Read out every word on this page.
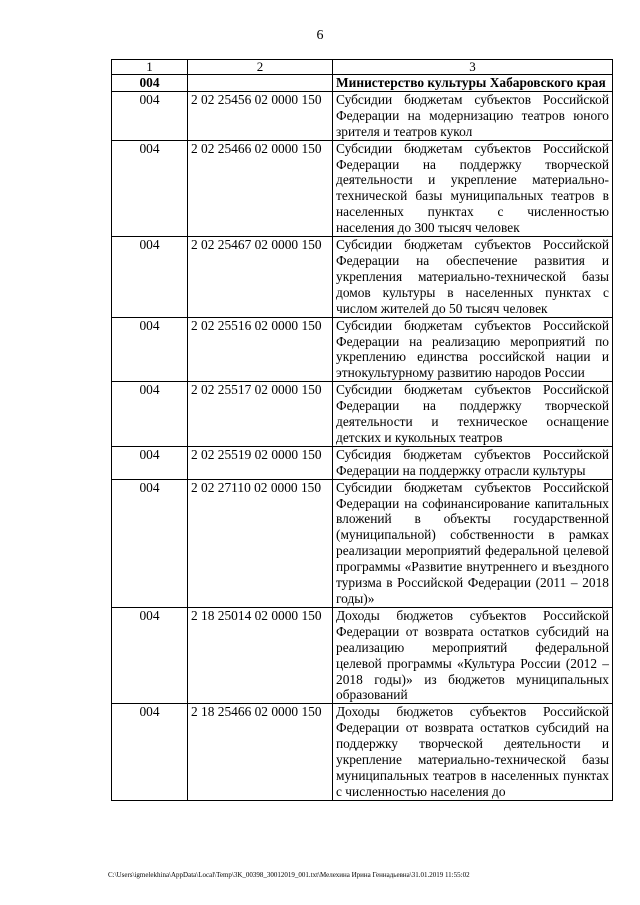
6
1	2	3
004		Министерство культуры Хабаровского края
004	2 02 25456 02 0000 150	Субсидии бюджетам субъектов Российской Федерации на модернизацию театров юного зрителя и театров кукол
004	2 02 25466 02 0000 150	Субсидии бюджетам субъектов Российской Федерации на поддержку творческой деятельности и укрепление материально-технической базы муниципальных театров в населенных пунктах с численностью населения до 300 тысяч человек
004	2 02 25467 02 0000 150	Субсидии бюджетам субъектов Российской Федерации на обеспечение развития и укрепления материально-технической базы домов культуры в населенных пунктах с числом жителей до 50 тысяч человек
004	2 02 25516 02 0000 150	Субсидии бюджетам субъектов Российской Федерации на реализацию мероприятий по укреплению единства российской нации и этнокультурному развитию народов России
004	2 02 25517 02 0000 150	Субсидии бюджетам субъектов Российской Федерации на поддержку творческой деятельности и техническое оснащение детских и кукольных театров
004	2 02 25519 02 0000 150	Субсидия бюджетам субъектов Российской Федерации на поддержку отрасли культуры
004	2 02 27110 02 0000 150	Субсидии бюджетам субъектов Российской Федерации на софинансирование капитальных вложений в объекты государственной (муниципальной) собственности в рамках реализации мероприятий федеральной целевой программы «Развитие внутреннего и въездного туризма в Российской Федерации (2011 – 2018 годы)»
004	2 18 25014 02 0000 150	Доходы бюджетов субъектов Российской Федерации от возврата остатков субсидий на реализацию мероприятий федеральной целевой программы «Культура России (2012 – 2018 годы)» из бюджетов муниципальных образований
004	2 18 25466 02 0000 150	Доходы бюджетов субъектов Российской Федерации от возврата остатков субсидий на поддержку творческой деятельности и укрепление материально-технической базы муниципальных театров в населенных пунктах с численностью населения до
C:\Users\igmelekhina\AppData\Local\Temp\3K_00398_30012019_001.txt\Мелехина Ирина Геннадьевна\31.01.2019 11:55:02
